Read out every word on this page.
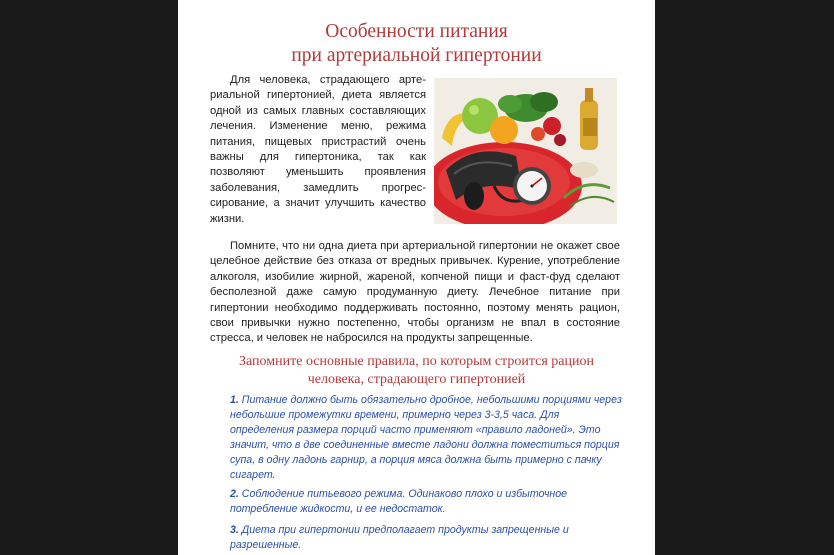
Особенности питания
при артериальной гипертонии
Для человека, страдающего артериальной гипертонией, диета является одной из самых главных составляющих лечения. Изменение меню, режима питания, пищевых пристрастий очень важны для гипертоника, так как позволяют уменьшить проявления заболевания, замедлить прогрессирование, а значит улучшить качество жизни.
Помните, что ни одна диета при артериальной гипертонии не окажет свое целебное действие без отказа от вредных привычек. Курение, употребление алкоголя, изобилие жирной, жареной, копченой пищи и фаст-фуд сделают бесполезной даже самую продуманную диету. Лечебное питание при гипертонии необходимо поддерживать постоянно, поэтому менять рацион, свои привычки нужно постепенно, чтобы организм не впал в состояние стресса, и человек не набросился на продукты запрещенные.
Запомните основные правила, по которым строится рацион
человека, страдающего гипертонией
1. Питание должно быть обязательно дробное, небольшими порциями через небольшие промежутки времени, примерно через 3-3,5 часа. Для определения размера порций часто применяют «правило ладоней». Это значит, что в две соединенные вместе ладони должна поместиться порция супа, в одну ладонь гарнир, а порция мяса должна быть примерно с пачку сигарет.
2. Соблюдение питьевого режима. Одинаково плохо и избыточное потребление жидкости, и ее недостаток.
3. Диета при гипертонии предполагает продукты запрещенные и разрешенные.
